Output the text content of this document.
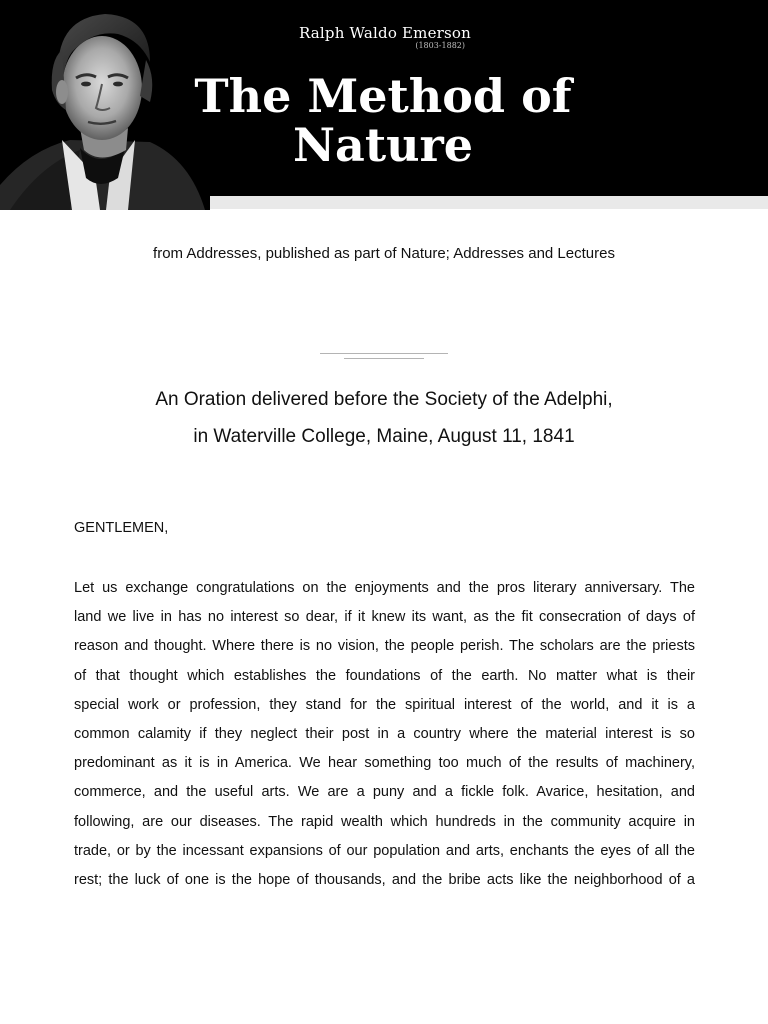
Ralph Waldo Emerson
(1803-1882)
The Method of
Nature
from Addresses, published as part of Nature; Addresses and Lectures
An Oration delivered before the Society of the Adelphi,
in Waterville College, Maine, August 11, 1841
GENTLEMEN,
Let us exchange congratulations on the enjoyments and the pros literary anniversary. The
land we live in has no interest so dear, if it knew its want, as the fit consecration of days of
reason and thought. Where there is no vision, the people perish. The scholars are the priests
of that thought which establishes the foundations of the earth. No matter what is their
special work or profession, they stand for the spiritual interest of the world, and it is a
common calamity if they neglect their post in a country where the material interest is so
predominant as it is in America. We hear something too much of the results of machinery,
commerce, and the useful arts. We are a puny and a fickle folk. Avarice, hesitation, and
following, are our diseases. The rapid wealth which hundreds in the community acquire in
trade, or by the incessant expansions of our population and arts, enchants the eyes of all the
rest; the luck of one is the hope of thousands, and the bribe acts like the neighborhood of a
